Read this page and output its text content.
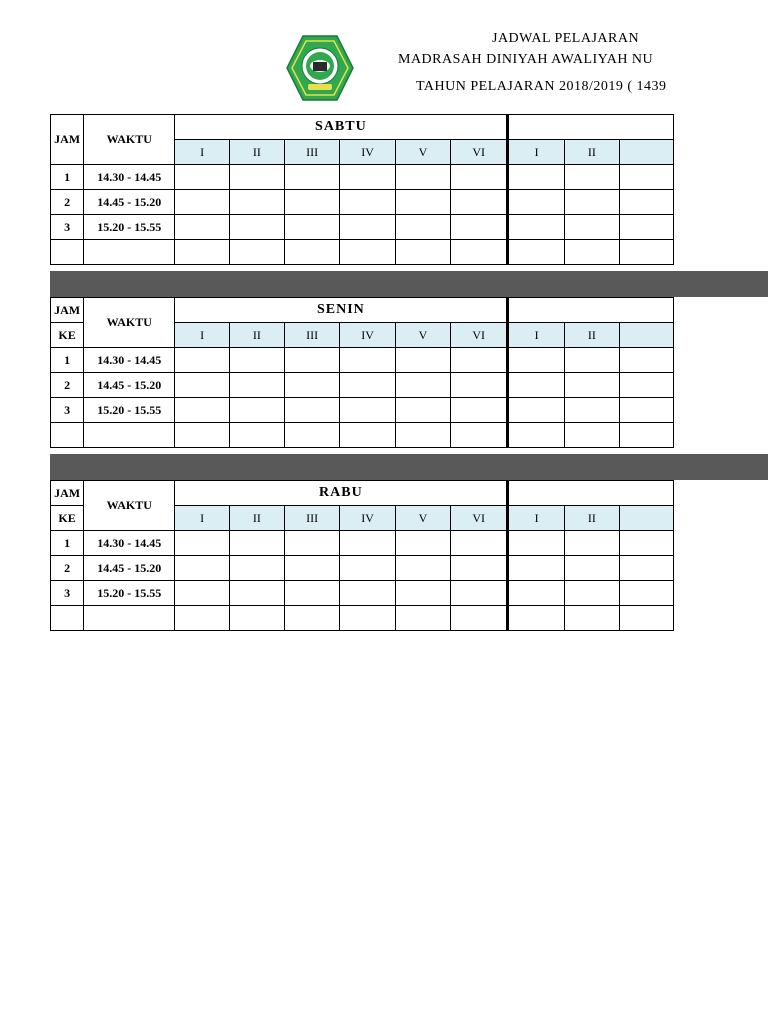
JADWAL PELAJARAN
MADRASAH DINIYAH AWALIYAH NU
TAHUN PELAJARAN 2018/2019 ( 1439
JAM	WAKTU	SABTU								
		I	II	III	IV	V	VI	I	II	
1	14.30 - 14.45									
2	14.45 - 15.20									
3	15.20 - 15.55									

JAM	WAKTU	SENIN								
KE		I	II	III	IV	V	VI	I	II	
1	14.30 - 14.45									
2	14.45 - 15.20									
3	15.20 - 15.55									

JAM	WAKTU	RABU								
KE		I	II	III	IV	V	VI	I	II	
1	14.30 - 14.45									
2	14.45 - 15.20									
3	15.20 - 15.55									
